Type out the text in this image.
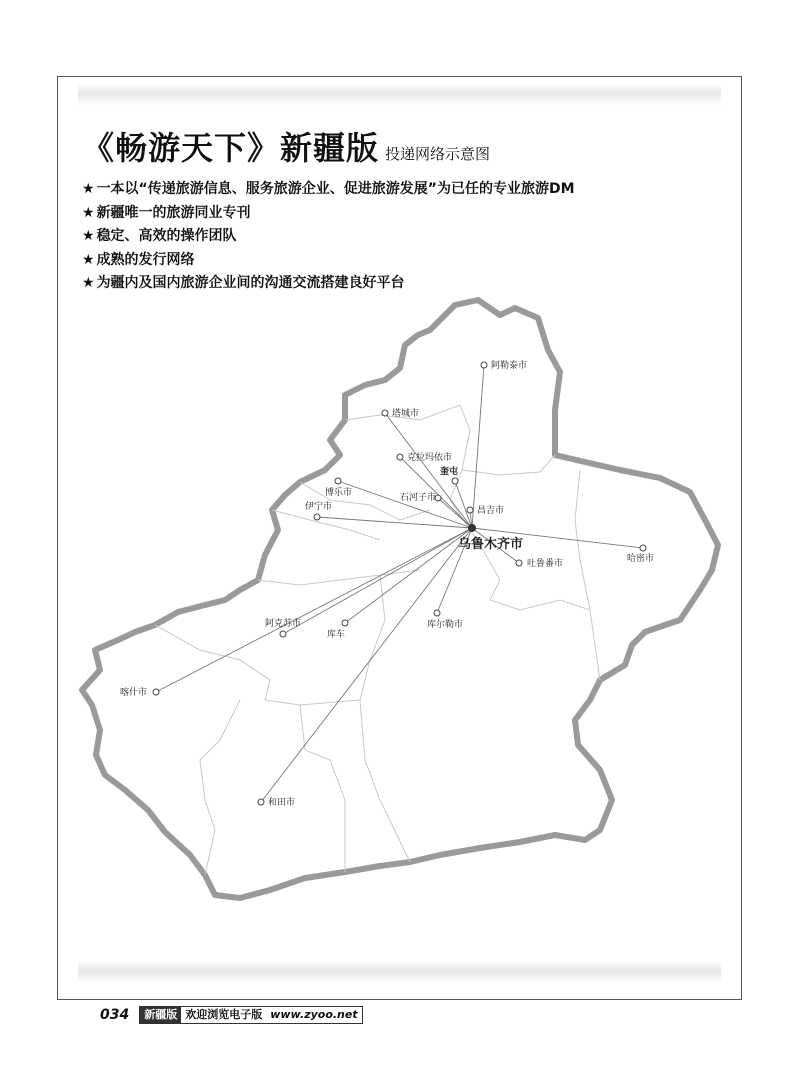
《畅游天下》新疆版 投递网络示意图
★ 一本以“传递旅游信息、服务旅游企业、促进旅游发展”为已任的专业旅游DM
★ 新疆唯一的旅游同业专刊
★ 稳定、高效的操作团队
★ 成熟的发行网络
★ 为疆内及国内旅游企业间的沟通交流搭建良好平台
阿勒泰市
塔城市
克拉玛依市
奎屯
博乐市	石河子市
昌吉市
伊宁市
哈密市
吐鲁番市
阿克苏市
库车
库尔勒市
喀什市
和田市
乌鲁木齐市
034	新疆版 欢迎浏览电子版 www.zyoo.net
